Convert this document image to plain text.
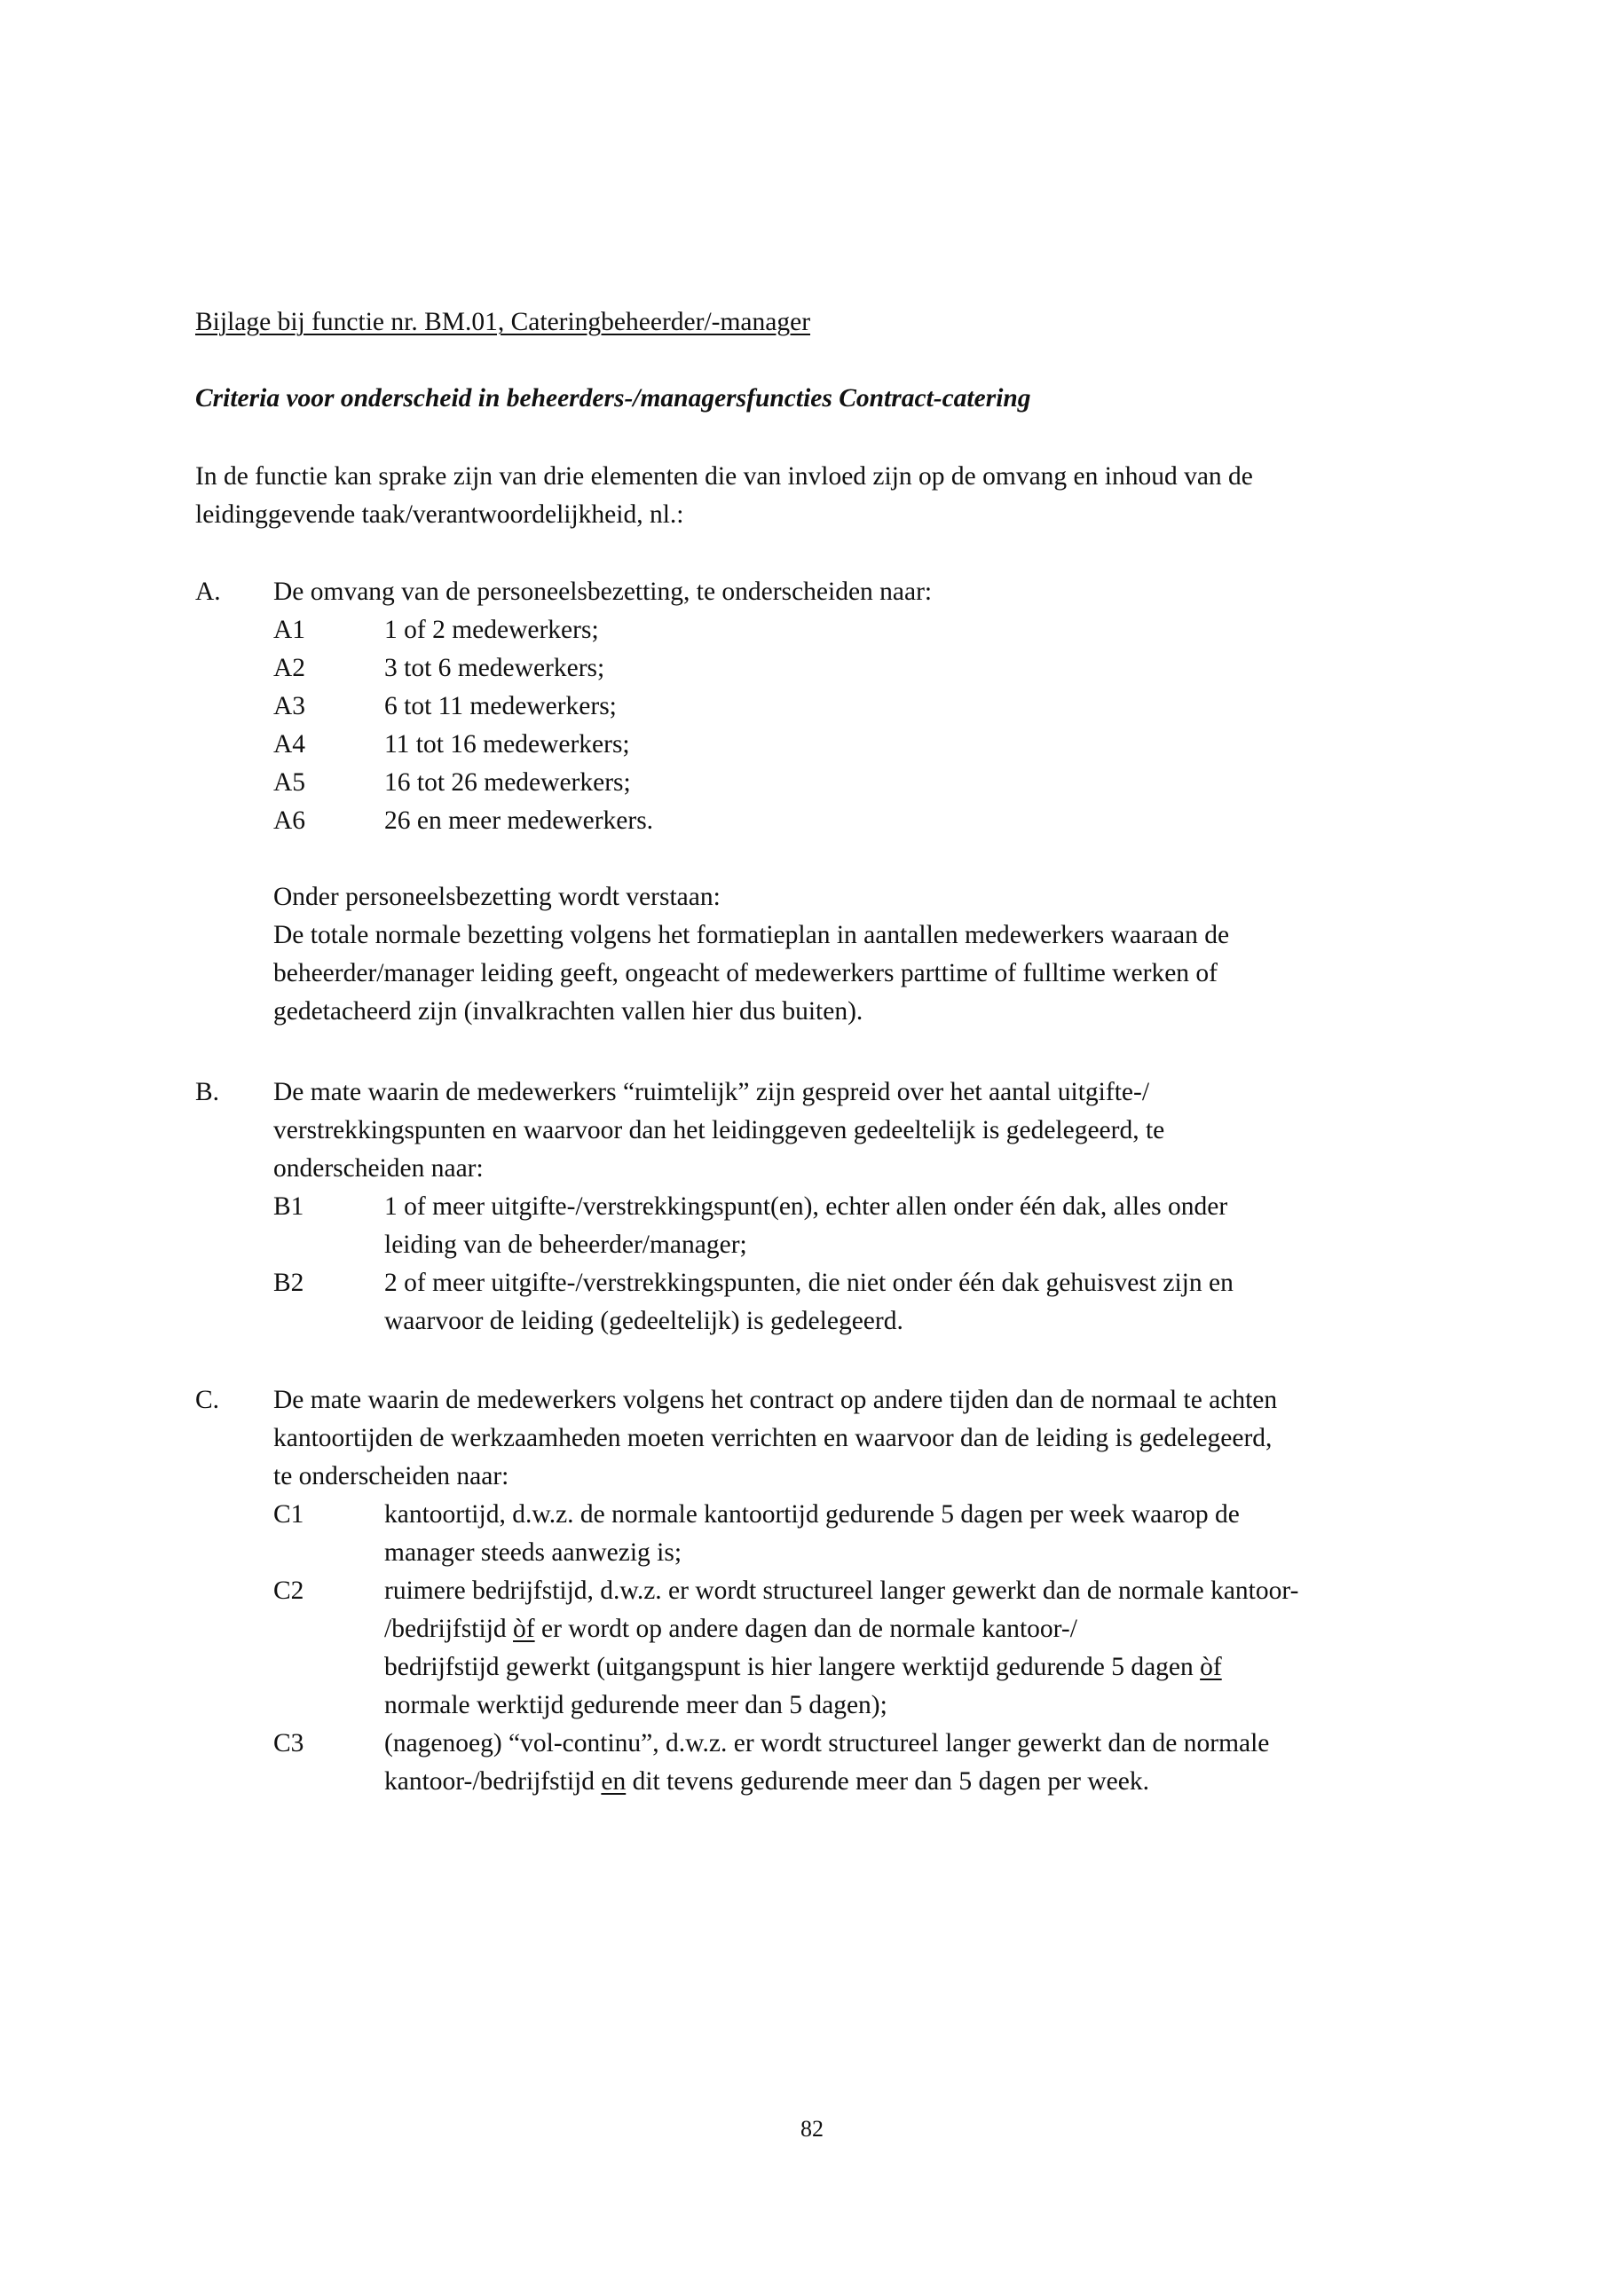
Bijlage bij functie nr. BM.01, Cateringbeheerder/-manager
Criteria voor onderscheid in beheerders-/managersfuncties Contract-catering
In de functie kan sprake zijn van drie elementen die van invloed zijn op de omvang en inhoud van de
leidinggevende taak/verantwoordelijkheid, nl.:
A. De omvang van de personeelsbezetting, te onderscheiden naar:
A1	1 of 2 medewerkers;
A2	3 tot 6 medewerkers;
A3	6 tot 11 medewerkers;
A4	11 tot 16 medewerkers;
A5	16 tot 26 medewerkers;
A6	26 en meer medewerkers.
Onder personeelsbezetting wordt verstaan:
De totale normale bezetting volgens het formatieplan in aantallen medewerkers waaraan de
beheerder/manager leiding geeft, ongeacht of medewerkers parttime of fulltime werken of
gedetacheerd zijn (invalkrachten vallen hier dus buiten).
B. De mate waarin de medewerkers “ruimtelijk” zijn gespreid over het aantal uitgifte-/
verstrekkingspunten en waarvoor dan het leidinggeven gedeeltelijk is gedelegeerd, te
onderscheiden naar:
B1	1 of meer uitgifte-/verstrekkingspunt(en), echter allen onder één dak, alles onder
leiding van de beheerder/manager;
B2	2 of meer uitgifte-/verstrekkingspunten, die niet onder één dak gehuisvest zijn en
waarvoor de leiding (gedeeltelijk) is gedelegeerd.
C. De mate waarin de medewerkers volgens het contract op andere tijden dan de normaal te achten
kantoortijden de werkzaamheden moeten verrichten en waarvoor dan de leiding is gedelegeerd,
te onderscheiden naar:
C1	kantoortijd, d.w.z. de normale kantoortijd gedurende 5 dagen per week waarop de
manager steeds aanwezig is;
C2	ruimere bedrijfstijd, d.w.z. er wordt structureel langer gewerkt dan de normale kantoor-
/bedrijfstijd òf er wordt op andere dagen dan de normale kantoor-/
bedrijfstijd gewerkt (uitgangspunt is hier langere werktijd gedurende 5 dagen òf
normale werktijd gedurende meer dan 5 dagen);
C3	(nagenoeg) “vol-continu”, d.w.z. er wordt structureel langer gewerkt dan de normale
kantoor-/bedrijfstijd en dit tevens gedurende meer dan 5 dagen per week.
82
